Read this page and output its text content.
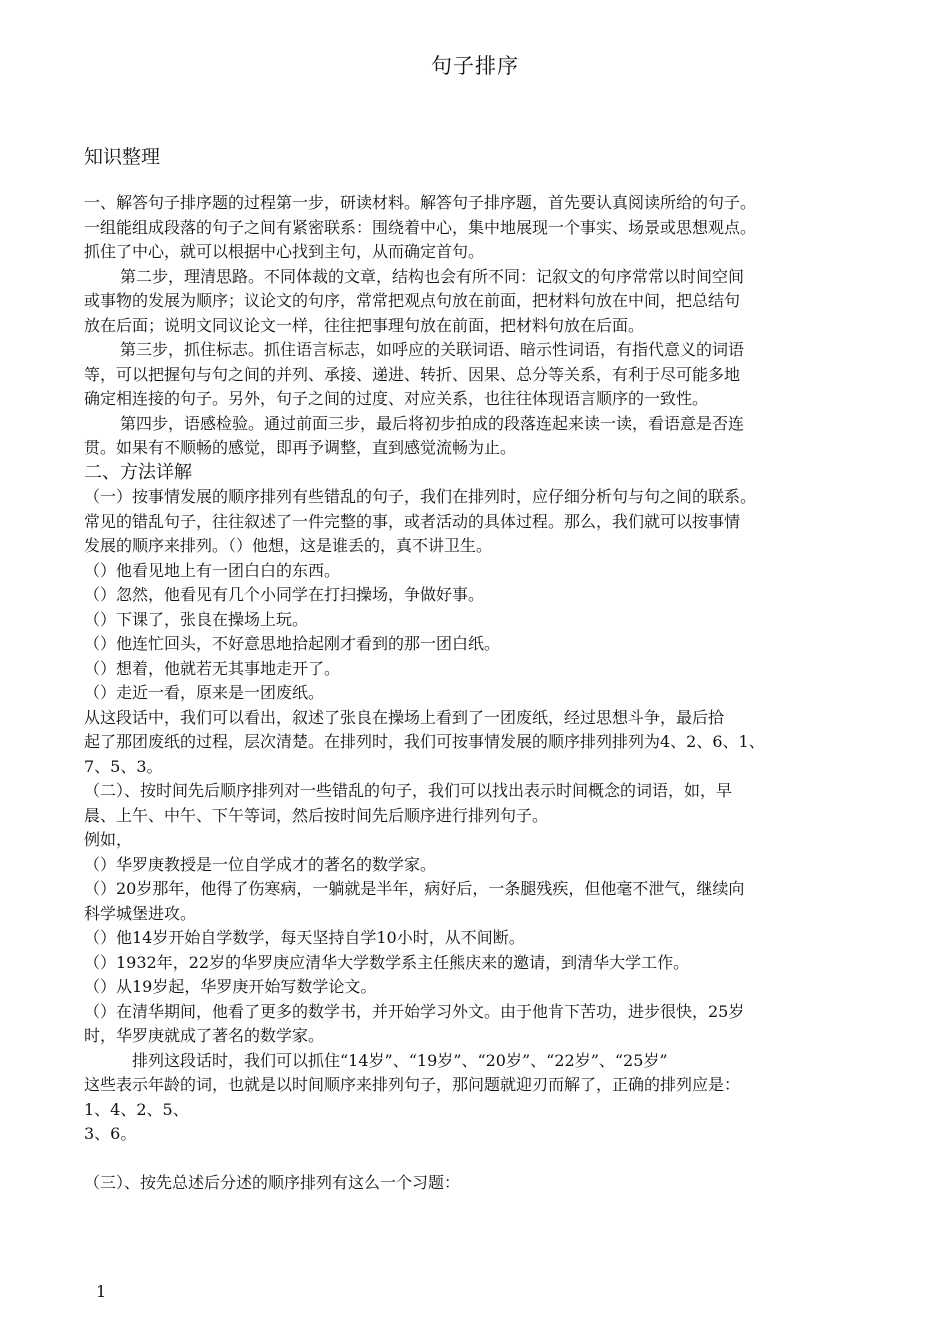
句子排序
知识整理
一、解答句子排序题的过程第一步，研读材料。解答句子排序题，首先要认真阅读所给的句子。
一组能组成段落的句子之间有紧密联系：围绕着中心，集中地展现一个事实、场景或思想观点。
抓住了中心，就可以根据中心找到主句，从而确定首句。
第二步，理清思路。不同体裁的文章，结构也会有所不同：记叙文的句序常常以时间空间
或事物的发展为顺序；议论文的句序，常常把观点句放在前面，把材料句放在中间，把总结句
放在后面；说明文同议论文一样，往往把事理句放在前面，把材料句放在后面。
第三步，抓住标志。抓住语言标志，如呼应的关联词语、暗示性词语，有指代意义的词语
等，可以把握句与句之间的并列、承接、递进、转折、因果、总分等关系，有利于尽可能多地
确定相连接的句子。另外，句子之间的过度、对应关系，也往往体现语言顺序的一致性。
第四步，语感检验。通过前面三步，最后将初步拍成的段落连起来读一读，看语意是否连
贯。如果有不顺畅的感觉，即再予调整，直到感觉流畅为止。
二、方法详解
（一）按事情发展的顺序排列有些错乱的句子，我们在排列时，应仔细分析句与句之间的联系。
常见的错乱句子，往往叙述了一件完整的事，或者活动的具体过程。那么，我们就可以按事情
发展的顺序来排列。（）他想，这是谁丢的，真不讲卫生。
（）他看见地上有一团白白的东西。
（）忽然，他看见有几个小同学在打扫操场，争做好事。
（）下课了，张良在操场上玩。
（）他连忙回头，不好意思地拾起刚才看到的那一团白纸。
（）想着，他就若无其事地走开了。
（）走近一看，原来是一团废纸。
从这段话中，我们可以看出，叙述了张良在操场上看到了一团废纸，经过思想斗争，最后拾
起了那团废纸的过程，层次清楚。在排列时，我们可按事情发展的顺序排列排列为4、2、6、1、
7、5、3。
（二）、按时间先后顺序排列对一些错乱的句子，我们可以找出表示时间概念的词语，如，早
晨、上午、中午、下午等词，然后按时间先后顺序进行排列句子。
例如，
（）华罗庚教授是一位自学成才的著名的数学家。
（）20岁那年，他得了伤寒病，一躺就是半年，病好后，一条腿残疾，但他毫不泄气，继续向
科学城堡进攻。
（）他14岁开始自学数学，每天坚持自学10小时，从不间断。
（）1932年，22岁的华罗庚应清华大学数学系主任熊庆来的邀请，到清华大学工作。
（）从19岁起，华罗庚开始写数学论文。
（）在清华期间，他看了更多的数学书，并开始学习外文。由于他肯下苦功，进步很快，25岁
时，华罗庚就成了著名的数学家。
排列这段话时，我们可以抓住“14岁”、“19岁”、“20岁”、“22岁”、“25岁”
这些表示年龄的词，也就是以时间顺序来排列句子，那问题就迎刃而解了，正确的排列应是：
1、4、2、5、
3、6。
（三）、按先总述后分述的顺序排列有这么一个习题：
1
